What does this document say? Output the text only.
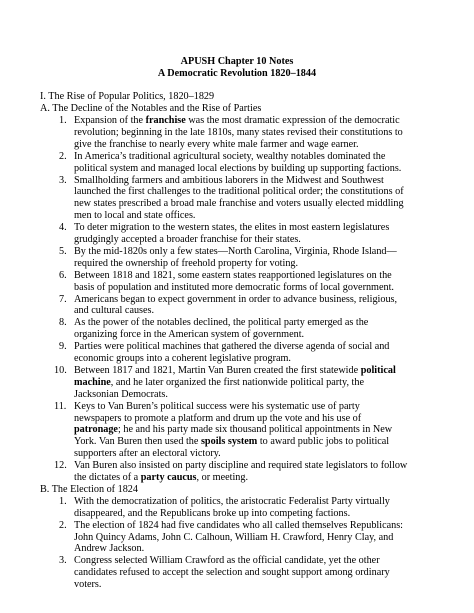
APUSH Chapter 10 Notes
A Democratic Revolution 1820–1844
I. The Rise of Popular Politics, 1820–1829
A. The Decline of the Notables and the Rise of Parties
1. Expansion of the franchise was the most dramatic expression of the democratic
revolution; beginning in the late 1810s, many states revised their constitutions to
give the franchise to nearly every white male farmer and wage earner.
2. In America’s traditional agricultural society, wealthy notables dominated the
political system and managed local elections by building up supporting factions.
3. Smallholding farmers and ambitious laborers in the Midwest and Southwest
launched the first challenges to the traditional political order; the constitutions of
new states prescribed a broad male franchise and voters usually elected middling
men to local and state offices.
4. To deter migration to the western states, the elites in most eastern legislatures
grudgingly accepted a broader franchise for their states.
5. By the mid-1820s only a few states—North Carolina, Virginia, Rhode Island—
required the ownership of freehold property for voting.
6. Between 1818 and 1821, some eastern states reapportioned legislatures on the
basis of population and instituted more democratic forms of local government.
7. Americans began to expect government in order to advance business, religious,
and cultural causes.
8. As the power of the notables declined, the political party emerged as the
organizing force in the American system of government.
9. Parties were political machines that gathered the diverse agenda of social and
economic groups into a coherent legislative program.
10. Between 1817 and 1821, Martin Van Buren created the first statewide political
machine, and he later organized the first nationwide political party, the
Jacksonian Democrats.
11. Keys to Van Buren’s political success were his systematic use of party
newspapers to promote a platform and drum up the vote and his use of
patronage; he and his party made six thousand political appointments in New
York. Van Buren then used the spoils system to award public jobs to political
supporters after an electoral victory.
12. Van Buren also insisted on party discipline and required state legislators to follow
the dictates of a party caucus, or meeting.
B. The Election of 1824
1. With the democratization of politics, the aristocratic Federalist Party virtually
disappeared, and the Republicans broke up into competing factions.
2. The election of 1824 had five candidates who all called themselves Republicans:
John Quincy Adams, John C. Calhoun, William H. Crawford, Henry Clay, and
Andrew Jackson.
3. Congress selected William Crawford as the official candidate, yet the other
candidates refused to accept the selection and sought support among ordinary
voters.
